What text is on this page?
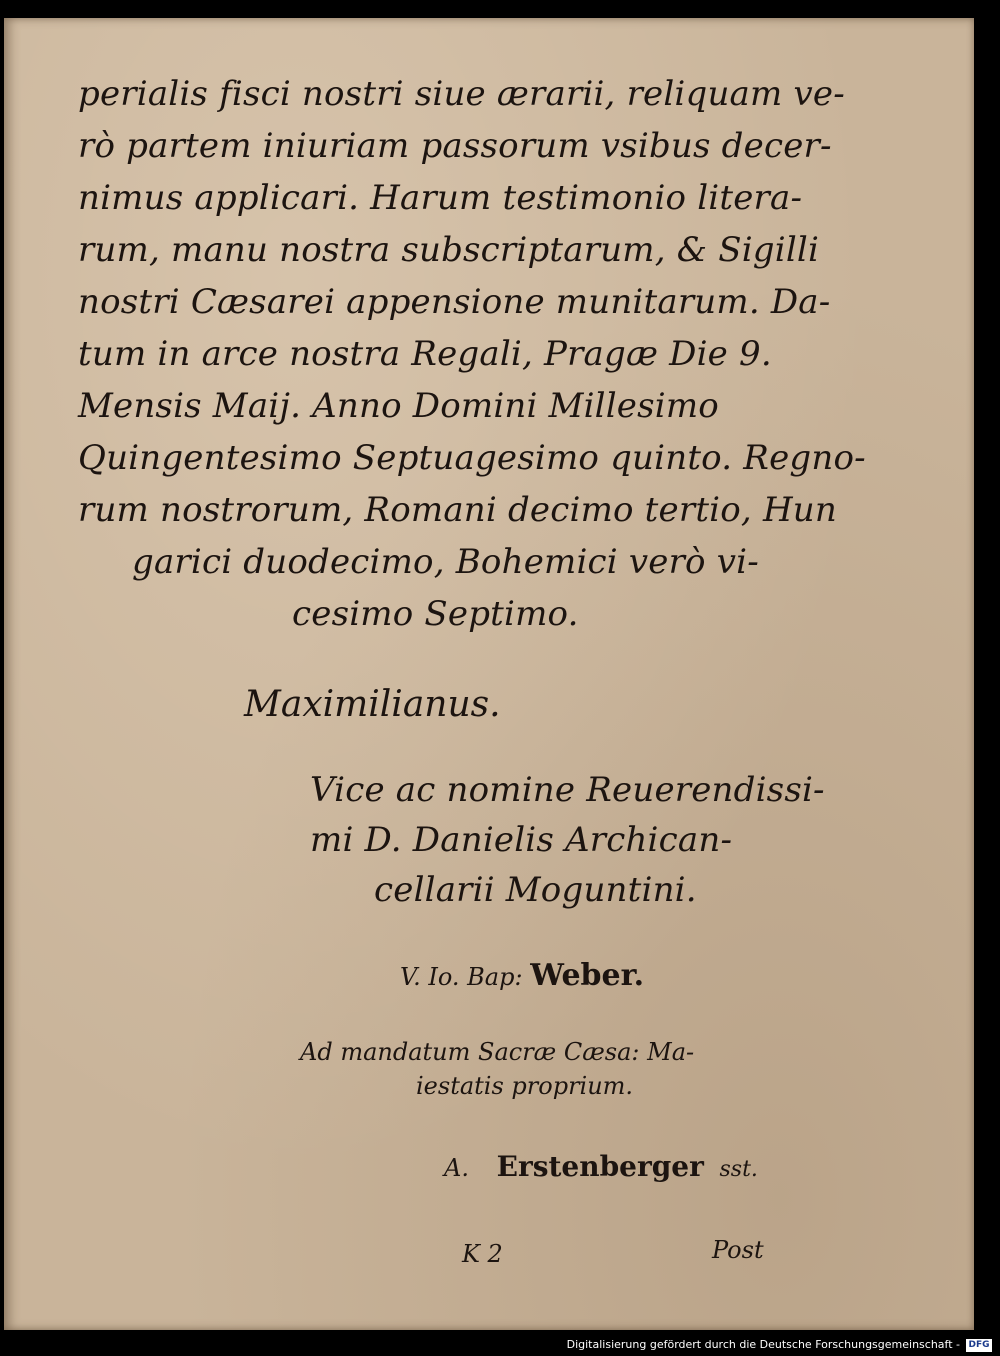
perialis fisci nostri siue ærarii, reliquam ve-

rò partem iniuriam passorum vsibus decer-

nimus applicari. Harum testimonio litera-

rum, manu nostra subscriptarum, & Sigilli

nostri Cæsarei appensione munitarum. Da-

tum in arce nostra Regali, Pragæ Die 9.

Mensis Maij. Anno Domini Millesimo

Quingentesimo Septuagesimo quinto. Regno-

rum nostrorum, Romani decimo tertio, Hun

garici duodecimo, Bohemici verò vi-

cesimo Septimo.

Maximilianus.

Vice ac nomine Reuerendissi-

mi D. Danielis Archican-

cellarii Moguntini.

V. Io. Bap: Weber.

Ad mandatum Sacræ Cæsa: Ma-

iestatis proprium.

A. Erstenberger sst.

K 2	Post

Digitalisierung gefördert durch die Deutsche Forschungsgemeinschaft - DFG
